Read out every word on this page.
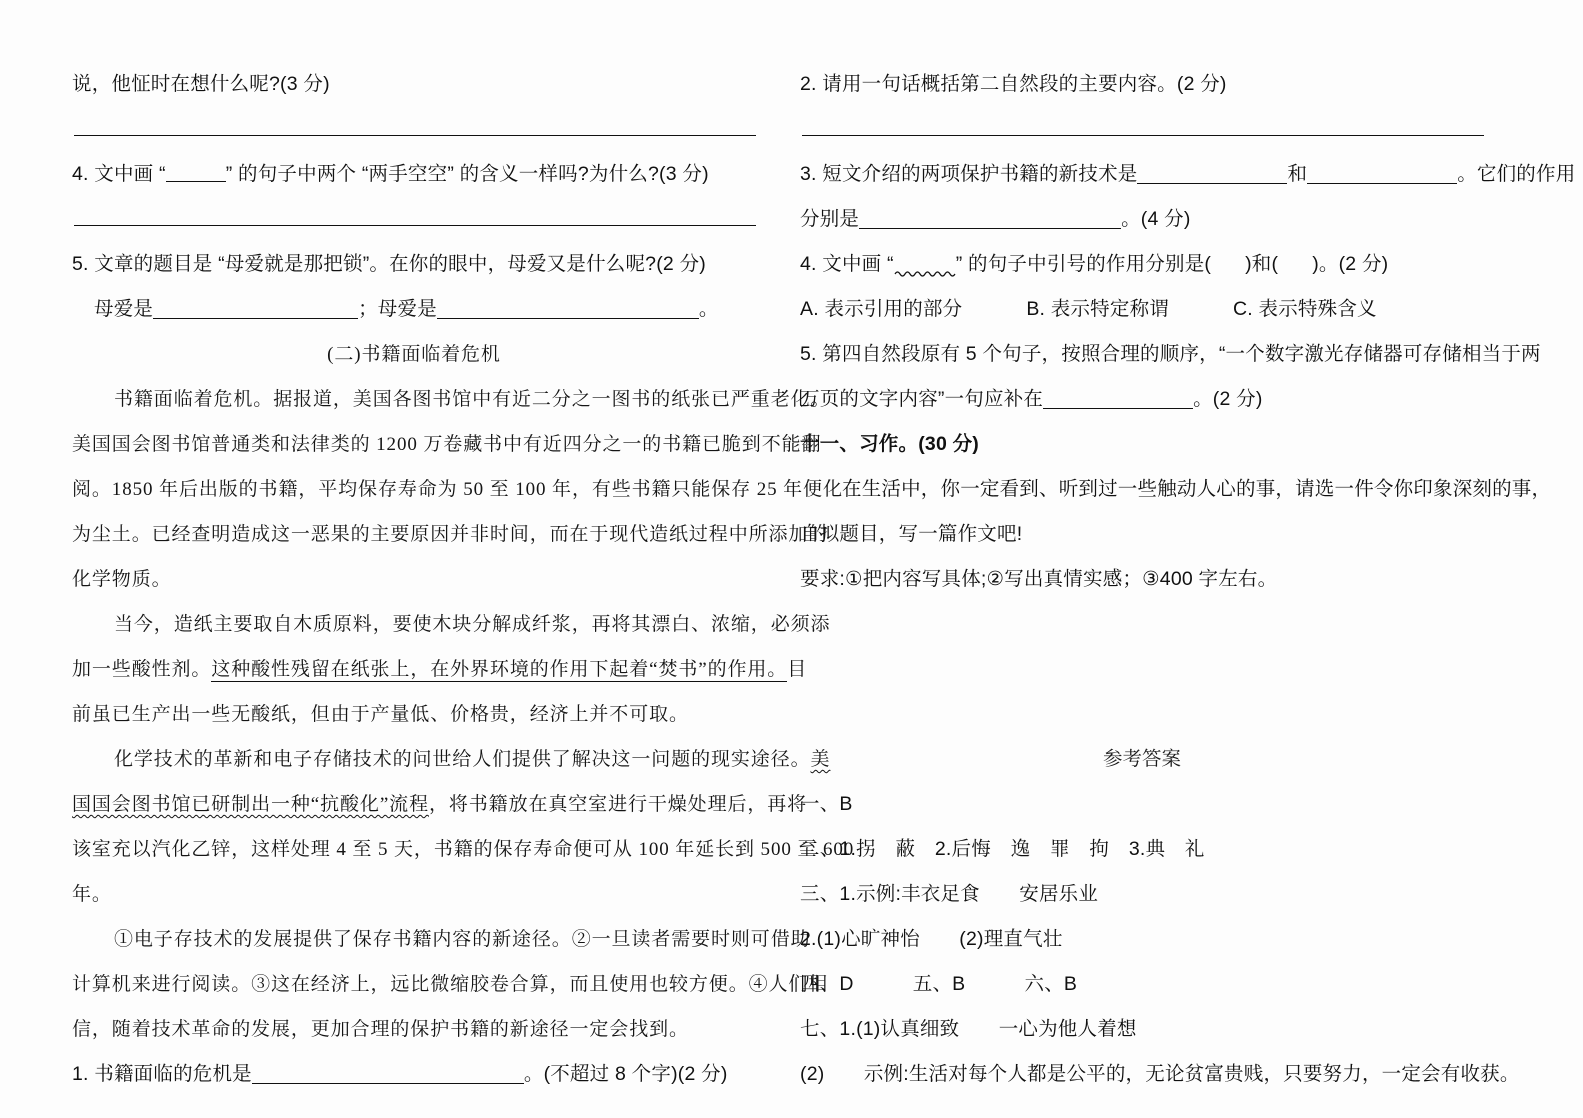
说，他怔时在想什么呢?(3 分)
4. 文中画 “	” 的句子中两个 “两手空空” 的含义一样吗?为什么?(3 分)
5. 文章的题目是 “母爱就是那把锁”。在你的眼中，母爱又是什么呢?(2 分)
母爱是	；母爱是	。
(二)书籍面临着危机
书籍面临着危机。据报道，美国各图书馆中有近二分之一图书的纸张已严重老化。
美国国会图书馆普通类和法律类的 1200 万卷藏书中有近四分之一的书籍已脆到不能翻
阅。1850 年后出版的书籍，平均保存寿命为 50 至 100 年，有些书籍只能保存 25 年便化
为尘土。已经查明造成这一恶果的主要原因并非时间，而在于现代造纸过程中所添加的
化学物质。
当今，造纸主要取自木质原料，要使木块分解成纤浆，再将其漂白、浓缩，必须添
加一些酸性剂。这种酸性残留在纸张上，在外界环境的作用下起着“焚书”的作用。目
前虽已生产出一些无酸纸，但由于产量低、价格贵，经济上并不可取。
化学技术的革新和电子存储技术的问世给人们提供了解决这一问题的现实途径。美
国国会图书馆已研制出一种“抗酸化”流程，将书籍放在真空室进行干燥处理后，再将
该室充以汽化乙锌，这样处理 4 至 5 天，书籍的保存寿命便可从 100 年延长到 500 至 600
年。
①电子存技术的发展提供了保存书籍内容的新途径。②一旦读者需要时则可借助
计算机来进行阅读。③这在经济上，远比微缩胶卷合算，而且使用也较方便。④人们相
信，随着技术革命的发展，更加合理的保护书籍的新途径一定会找到。
1. 书籍面临的危机是	。(不超过 8 个字)(2 分)
2. 请用一句话概括第二自然段的主要内容。(2 分)
3. 短文介绍的两项保护书籍的新技术是	和	。它们的作用
分别是	。(4 分)
4. 文中画 “	” 的句子中引号的作用分别是( )和( )。(2 分)
A. 表示引用的部分	B. 表示特定称谓	C. 表示特殊含义
5. 第四自然段原有 5 个句子，按照合理的顺序，“一个数字激光存储器可存储相当于两
万页的文字内容”一句应补在	。(2 分)
十一、习作。(30 分)
在生活中，你一定看到、听到过一些触动人心的事，请选一件令你印象深刻的事，
自拟题目，写一篇作文吧!
要求:①把内容写具体;②写出真情实感；③400 字左右。
参考答案
一、B
二、1.拐　蔽　2.后悔　逸　罪　拘　3.典　礼
三、1.示例:丰衣足食　　安居乐业
2.(1)心旷神怡　　(2)理直气壮
四、D　　　五、B　　　六、B
七、1.(1)认真细致　　一心为他人着想
(2)　　示例:生活对每个人都是公平的，无论贫富贵贱，只要努力，一定会有收获。
